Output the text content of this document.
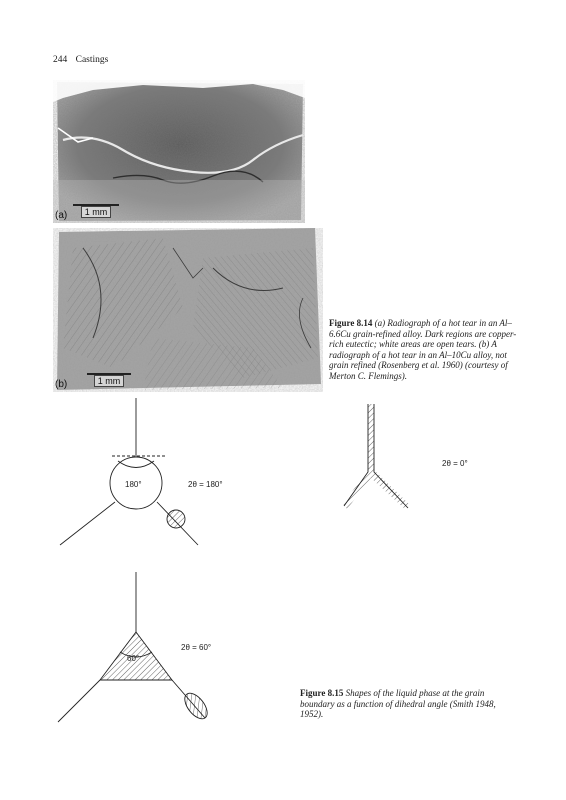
244 Castings
(a)	1 mm
(b)	1 mm
Figure 8.14 (a) Radiograph of a hot tear in an Al–6.6Cu grain-refined alloy. Dark regions are copper-rich eutectic; white areas are open tears. (b) A radiograph of a hot tear in an Al–10Cu alloy, not grain refined (Rosenberg et al. 1960) (courtesy of Merton C. Flemings).
180°	2θ = 180°
2θ = 0°
60°
2θ = 60°
Figure 8.15 Shapes of the liquid phase at the grain boundary as a function of dihedral angle (Smith 1948, 1952).
